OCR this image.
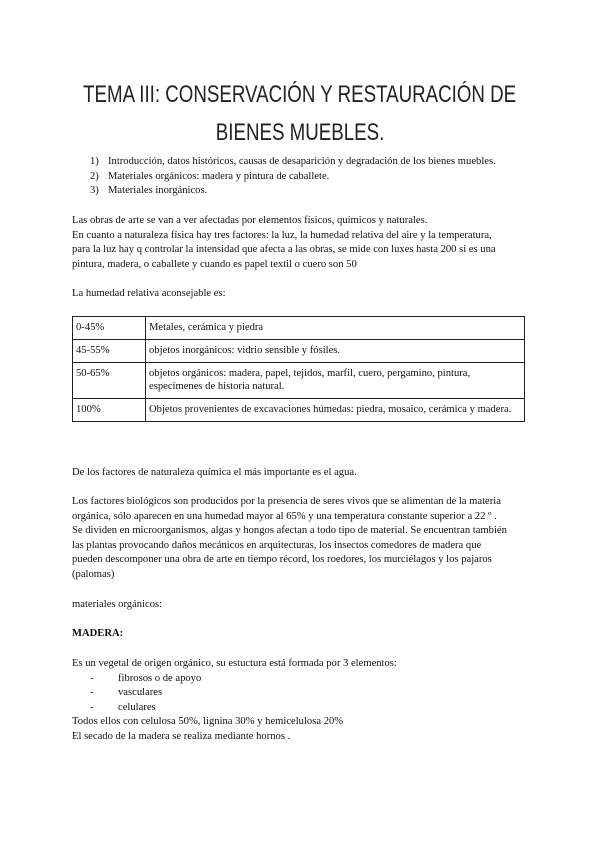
TEMA III: CONSERVACIÓN Y RESTAURACIÓN DE
BIENES MUEBLES.
1) Introducción, datos históricos, causas de desaparición y degradación de los bienes muebles.
2) Materiales orgánicos: madera y pintura de caballete.
3) Materiales inorgánicos.
Las obras de arte se van a ver afectadas por elementos físicos, químicos y naturales.
En cuanto a naturaleza física hay tres factores: la luz, la humedad relativa del aire y la temperatura,
para la luz hay q controlar la intensidad que afecta a las obras, se mide con luxes hasta 200 si es una
pintura, madera, o caballete y cuando es papel textil o cuero son 50
La humedad relativa aconsejable es:
0-45%	Metales, cerámica y piedra
45-55%	objetos inorgánicos: vidrio sensible y fósiles.
50-65%	objetos orgánicos: madera, papel, tejidos, marfil, cuero, pergamino, pintura, especímenes de historia natural.
100%	Objetos provenientes de excavaciones húmedas: piedra, mosaico, cerámica y madera.
De los factores de naturaleza química el más importante es el agua.
Los factores biológicos son producidos por la presencia de seres vivos que se alimentan de la materia
orgánica, sólo aparecen en una humedad mayor al 65% y una temperatura constante superior a 22 º .
Se dividen en microorganismos, algas y hongos afectan a todo tipo de material. Se encuentran también
las plantas provocando daños mecánicos en arquitecturas, los insectos comedores de madera que
pueden descomponer una obra de arte en tiempo récord, los roedores, los murciélagos y los pajaros
(palomas)
materiales orgánicos:
MADERA:
Es un vegetal de origen orgánico, su estuctura está formada por 3 elementos:
- fibrosos o de apoyo
- vasculares
- celulares
Todos ellos con celulosa 50%, lignina 30% y hemicelulosa 20%
El secado de la madera se realiza mediante hornos .
